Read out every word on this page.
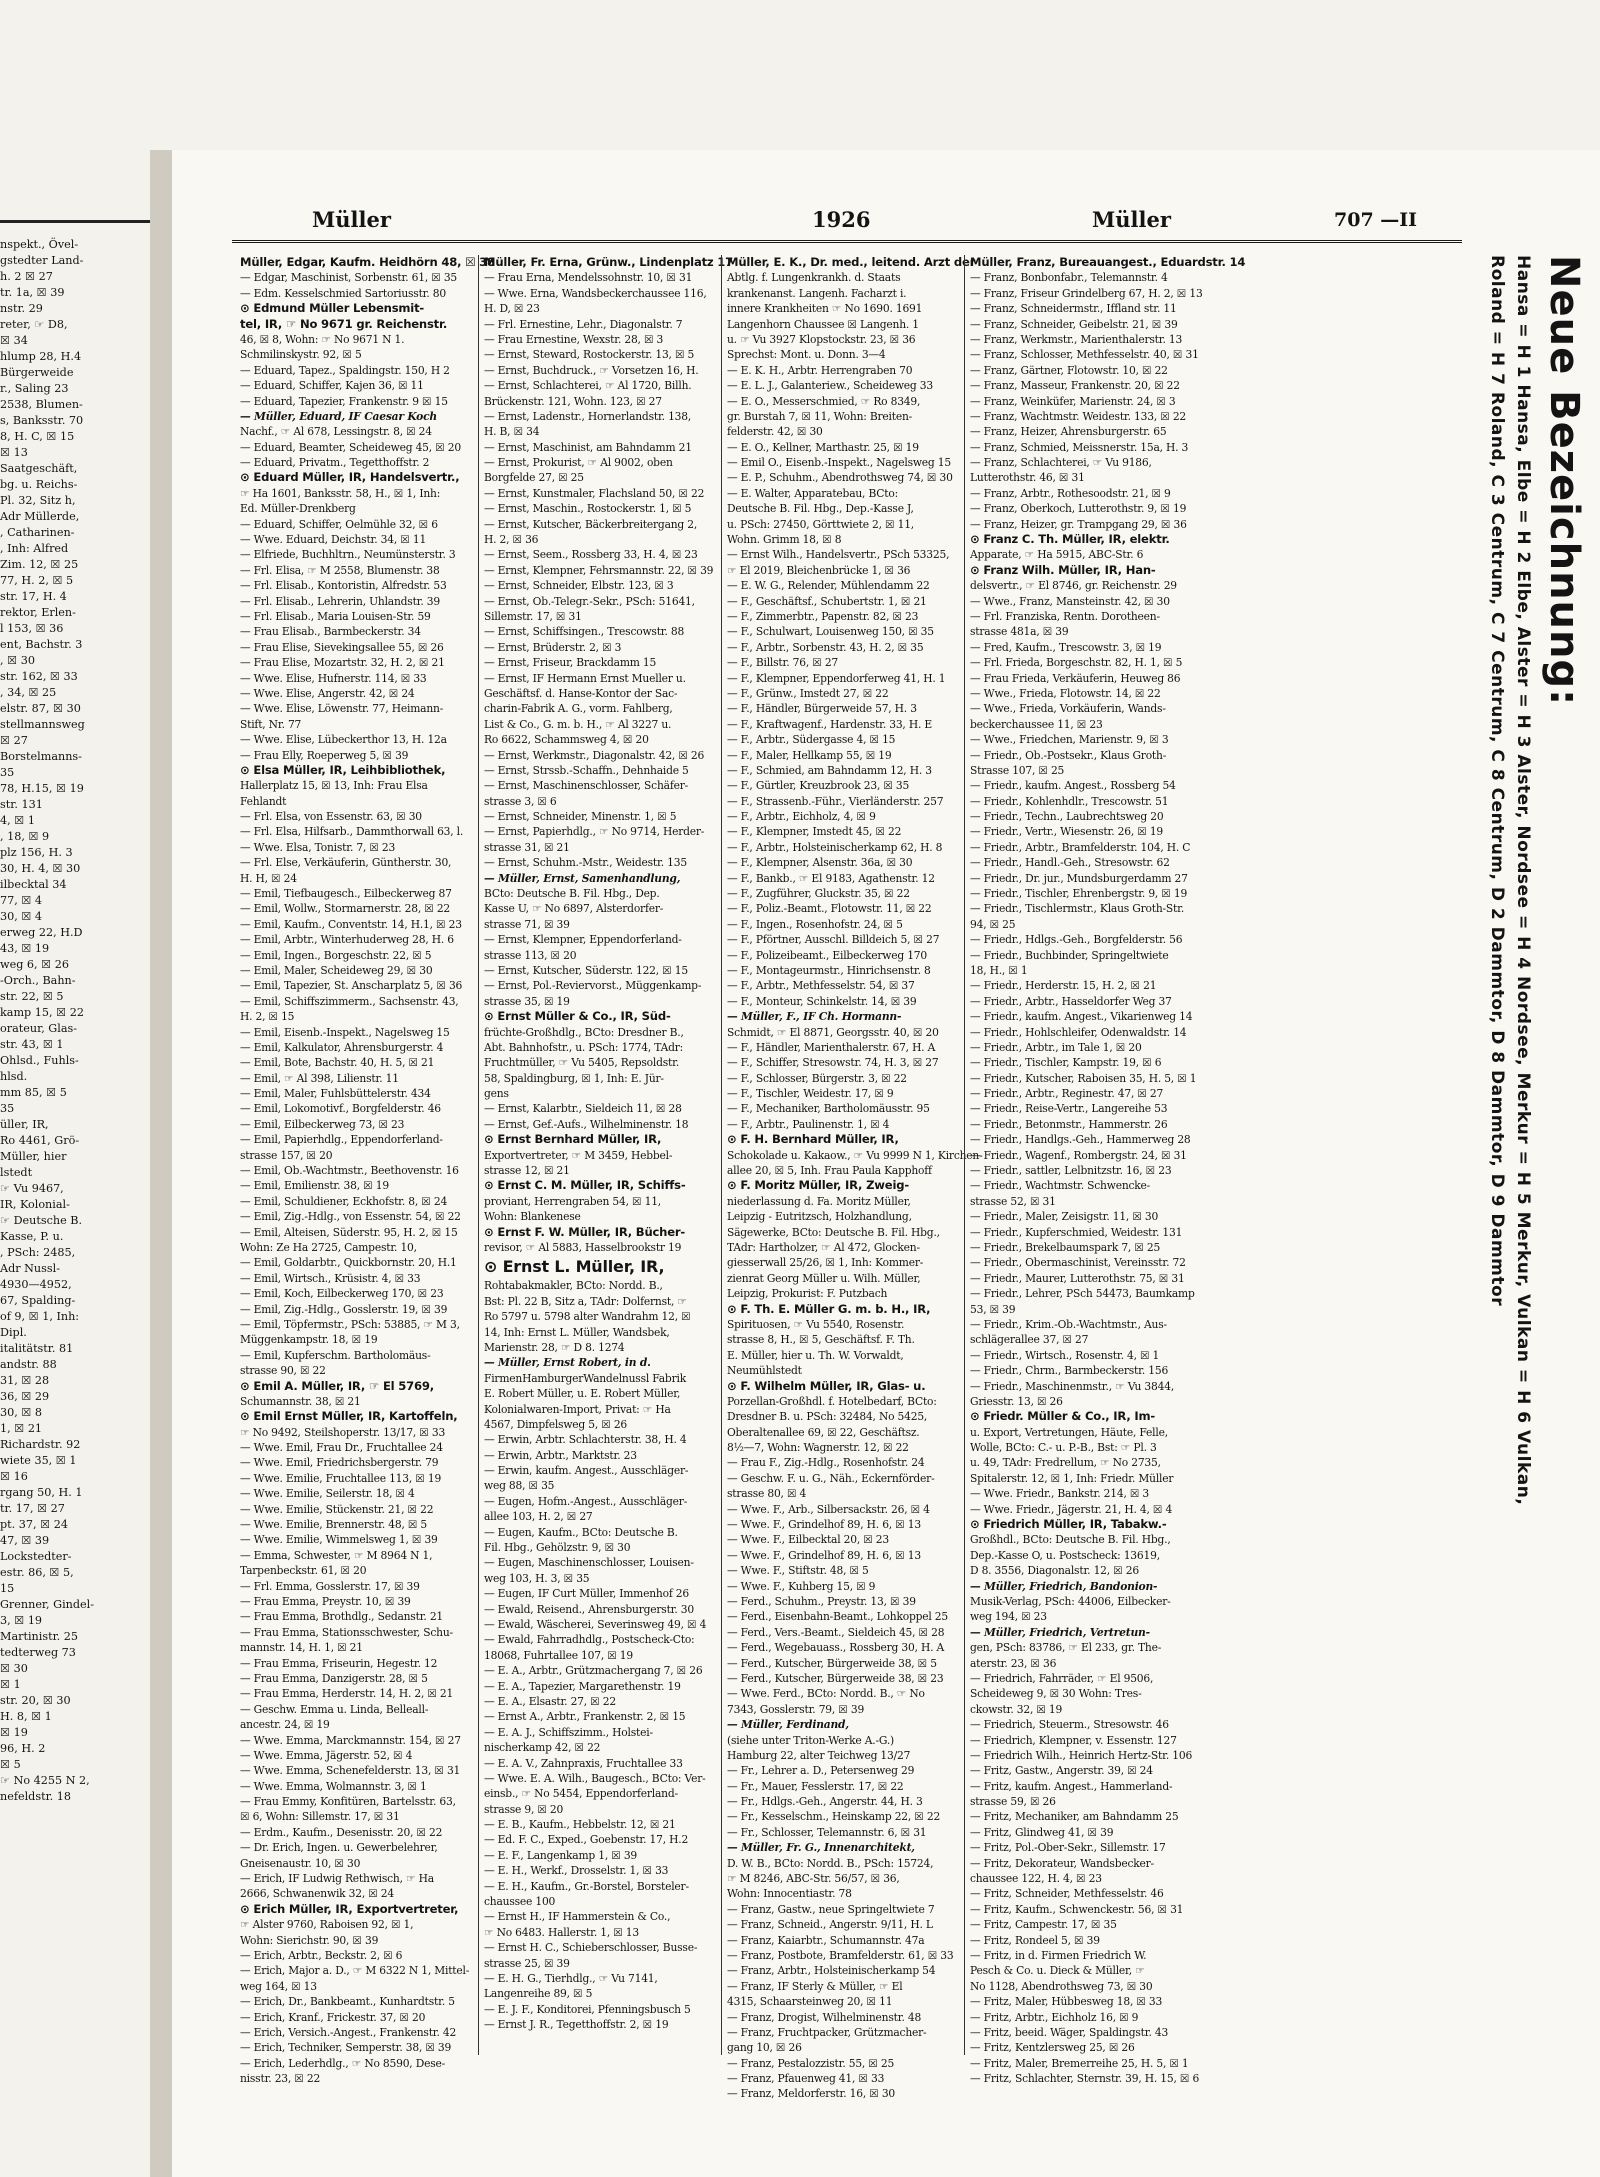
nspekt., Övel-
gstedter Land-
h. 2 ☒ 27
tr. 1a, ☒ 39
nstr. 29
reter, ☞ D8,
☒ 34
hlump 28, H.4
Bürgerweide
r., Saling 23
2538, Blumen-
s, Banksstr. 70
8, H. C, ☒ 15
☒ 13
Saatgeschäft,
bg. u. Reichs-
Pl. 32, Sitz h,
Adr Müllerde,
, Catharinen-
, Inh: Alfred
Zim. 12, ☒ 25
77, H. 2, ☒ 5
str. 17, H. 4
rektor, Erlen-
l 153, ☒ 36
ent, Bachstr. 3
, ☒ 30
str. 162, ☒ 33
, 34, ☒ 25
elstr. 87, ☒ 30
stellmannsweg
☒ 27
Borstelmanns-
35
78, H.15, ☒ 19
str. 131
4, ☒ 1
, 18, ☒ 9
plz 156, H. 3
30, H. 4, ☒ 30
ilbecktal 34
77, ☒ 4
30, ☒ 4
erweg 22, H.D
43, ☒ 19
weg 6, ☒ 26
-Orch., Bahn-
str. 22, ☒ 5
kamp 15, ☒ 22
orateur, Glas-
str. 43, ☒ 1
Ohlsd., Fuhls-
hlsd.
mm 85, ☒ 5
35
üller, IR,
Ro 4461, Grö-
Müller, hier
lstedt
☞ Vu 9467,
IR, Kolonial-
☞ Deutsche B.
Kasse, P. u.
, PSch: 2485,
Adr Nussl-
4930—4952,
67, Spalding-
of 9, ☒ 1, Inh:
Dipl.
italitätstr. 81
andstr. 88
31, ☒ 28
36, ☒ 29
30, ☒ 8
1, ☒ 21
Richardstr. 92
wiete 35, ☒ 1
☒ 16
rgang 50, H. 1
tr. 17, ☒ 27
pt. 37, ☒ 24
47, ☒ 39
Lockstedter-
estr. 86, ☒ 5,
15
Grenner, Gindel-
3, ☒ 19
Martinistr. 25
tedterweg 73
☒ 30
☒ 1
str. 20, ☒ 30
H. 8, ☒ 1
☒ 19
96, H. 2
☒ 5
☞ No 4255 N 2,
nefeldstr. 18
Müller	1926	Müller	707 —II
Müller, Edgar, Kaufm. Heidhörn 48, ☒ 38
— Edgar, Maschinist, Sorbenstr. 61, ☒ 35
— Edm. Kesselschmied Sartoriusstr. 80
⊙ Edmund Müller Lebensmit-
tel, IR, ☞ No 9671 gr. Reichenstr.
46, ☒ 8, Wohn: ☞ No 9671 N 1.
Schmilinskystr. 92, ☒ 5
— Eduard, Tapez., Spaldingstr. 150, H 2
— Eduard, Schiffer, Kajen 36, ☒ 11
— Eduard, Tapezier, Frankenstr. 9 ☒ 15
— Müller, Eduard, IF Caesar Koch
Nachf., ☞ Al 678, Lessingstr. 8, ☒ 24
— Eduard, Beamter, Scheideweg 45, ☒ 20
— Eduard, Privatm., Tegetthoffstr. 2
⊙ Eduard Müller, IR, Handelsvertr.,
☞ Ha 1601, Banksstr. 58, H., ☒ 1, Inh:
Ed. Müller-Drenkberg
— Eduard, Schiffer, Oelmühle 32, ☒ 6
— Wwe. Eduard, Deichstr. 34, ☒ 11
— Elfriede, Buchhltrn., Neumünsterstr. 3
— Frl. Elisa, ☞ M 2558, Blumenstr. 38
— Frl. Elisab., Kontoristin, Alfredstr. 53
— Frl. Elisab., Lehrerin, Uhlandstr. 39
— Frl. Elisab., Maria Louisen-Str. 59
— Frau Elisab., Barmbeckerstr. 34
— Frau Elise, Sievekingsallee 55, ☒ 26
— Frau Elise, Mozartstr. 32, H. 2, ☒ 21
— Wwe. Elise, Hufnerstr. 114, ☒ 33
— Wwe. Elise, Angerstr. 42, ☒ 24
— Wwe. Elise, Löwenstr. 77, Heimann-
Stift, Nr. 77
— Wwe. Elise, Lübeckerthor 13, H. 12a
— Frau Elly, Roeperweg 5, ☒ 39
⊙ Elsa Müller, IR, Leihbibliothek,
Hallerplatz 15, ☒ 13, Inh: Frau Elsa
Fehlandt
— Frl. Elsa, von Essenstr. 63, ☒ 30
— Frl. Elsa, Hilfsarb., Dammthorwall 63, l.
— Wwe. Elsa, Tonistr. 7, ☒ 23
— Frl. Else, Verkäuferin, Güntherstr. 30,
H. H, ☒ 24
— Emil, Tiefbaugesch., Eilbeckerweg 87
— Emil, Wollw., Stormarnerstr. 28, ☒ 22
— Emil, Kaufm., Conventstr. 14, H.1, ☒ 23
— Emil, Arbtr., Winterhuderweg 28, H. 6
— Emil, Ingen., Borgeschstr. 22, ☒ 5
— Emil, Maler, Scheideweg 29, ☒ 30
— Emil, Tapezier, St. Anscharplatz 5, ☒ 36
— Emil, Schiffszimmerm., Sachsenstr. 43,
H. 2, ☒ 15
— Emil, Eisenb.-Inspekt., Nagelsweg 15
— Emil, Kalkulator, Ahrensburgerstr. 4
— Emil, Bote, Bachstr. 40, H. 5, ☒ 21
— Emil, ☞ Al 398, Lilienstr. 11
— Emil, Maler, Fuhlsbüttelerstr. 434
— Emil, Lokomotivf., Borgfelderstr. 46
— Emil, Eilbeckerweg 73, ☒ 23
— Emil, Papierhdlg., Eppendorferland-
strasse 157, ☒ 20
— Emil, Ob.-Wachtmstr., Beethovenstr. 16
— Emil, Emilienstr. 38, ☒ 19
— Emil, Schuldiener, Eckhofstr. 8, ☒ 24
— Emil, Zig.-Hdlg., von Essenstr. 54, ☒ 22
— Emil, Alteisen, Süderstr. 95, H. 2, ☒ 15
Wohn: Ze Ha 2725, Campestr. 10,
— Emil, Goldarbtr., Quickbornstr. 20, H.1
— Emil, Wirtsch., Krüsistr. 4, ☒ 33
— Emil, Koch, Eilbeckerweg 170, ☒ 23
— Emil, Zig.-Hdlg., Gosslerstr. 19, ☒ 39
— Emil, Töpfermstr., PSch: 53885, ☞ M 3,
Müggenkampstr. 18, ☒ 19
— Emil, Kupferschm. Bartholomäus-
strasse 90, ☒ 22
⊙ Emil A. Müller, IR, ☞ El 5769,
Schumannstr. 38, ☒ 21
⊙ Emil Ernst Müller, IR, Kartoffeln,
☞ No 9492, Steilshoperstr. 13/17, ☒ 33
— Wwe. Emil, Frau Dr., Fruchtallee 24
— Wwe. Emil, Friedrichsbergerstr. 79
— Wwe. Emilie, Fruchtallee 113, ☒ 19
— Wwe. Emilie, Seilerstr. 18, ☒ 4
— Wwe. Emilie, Stückenstr. 21, ☒ 22
— Wwe. Emilie, Brennerstr. 48, ☒ 5
— Wwe. Emilie, Wimmelsweg 1, ☒ 39
— Emma, Schwester, ☞ M 8964 N 1,
Tarpenbeckstr. 61, ☒ 20
— Frl. Emma, Gosslerstr. 17, ☒ 39
— Frau Emma, Preystr. 10, ☒ 39
— Frau Emma, Brothdlg., Sedanstr. 21
— Frau Emma, Stationsschwester, Schu-
mannstr. 14, H. 1, ☒ 21
— Frau Emma, Friseurin, Hegestr. 12
— Frau Emma, Danzigerstr. 28, ☒ 5
— Frau Emma, Herderstr. 14, H. 2, ☒ 21
— Geschw. Emma u. Linda, Belleall-
ancestr. 24, ☒ 19
— Wwe. Emma, Marckmannstr. 154, ☒ 27
— Wwe. Emma, Jägerstr. 52, ☒ 4
— Wwe. Emma, Schenefelderstr. 13, ☒ 31
— Wwe. Emma, Wolmannstr. 3, ☒ 1
— Frau Emmy, Konfitüren, Bartelsstr. 63,
☒ 6, Wohn: Sillemstr. 17, ☒ 31
— Erdm., Kaufm., Desenisstr. 20, ☒ 22
— Dr. Erich, Ingen. u. Gewerbelehrer,
Gneisenaustr. 10, ☒ 30
— Erich, IF Ludwig Rethwisch, ☞ Ha
2666, Schwanenwik 32, ☒ 24
⊙ Erich Müller, IR, Exportvertreter,
☞ Alster 9760, Raboisen 92, ☒ 1,
Wohn: Sierichstr. 90, ☒ 39
— Erich, Arbtr., Beckstr. 2, ☒ 6
— Erich, Major a. D., ☞ M 6322 N 1, Mittel-
weg 164, ☒ 13
— Erich, Dr., Bankbeamt., Kunhardtstr. 5
— Erich, Kranf., Frickestr. 37, ☒ 20
— Erich, Versich.-Angest., Frankenstr. 42
— Erich, Techniker, Semperstr. 38, ☒ 39
— Erich, Lederhdlg., ☞ No 8590, Dese-
nisstr. 23, ☒ 22
Müller, Fr. Erna, Grünw., Lindenplatz 17
— Frau Erna, Mendelssohnstr. 10, ☒ 31
— Wwe. Erna, Wandsbeckerchaussee 116,
H. D, ☒ 23
— Frl. Ernestine, Lehr., Diagonalstr. 7
— Frau Ernestine, Wexstr. 28, ☒ 3
— Ernst, Steward, Rostockerstr. 13, ☒ 5
— Ernst, Buchdruck., ☞ Vorsetzen 16, H.
— Ernst, Schlachterei, ☞ Al 1720, Billh.
Brückenstr. 121, Wohn. 123, ☒ 27
— Ernst, Ladenstr., Hornerlandstr. 138,
H. B, ☒ 34
— Ernst, Maschinist, am Bahndamm 21
— Ernst, Prokurist, ☞ Al 9002, oben
Borgfelde 27, ☒ 25
— Ernst, Kunstmaler, Flachsland 50, ☒ 22
— Ernst, Maschin., Rostockerstr. 1, ☒ 5
— Ernst, Kutscher, Bäckerbreitergang 2,
H. 2, ☒ 36
— Ernst, Seem., Rossberg 33, H. 4, ☒ 23
— Ernst, Klempner, Fehrsmannstr. 22, ☒ 39
— Ernst, Schneider, Elbstr. 123, ☒ 3
— Ernst, Ob.-Telegr.-Sekr., PSch: 51641,
Sillemstr. 17, ☒ 31
— Ernst, Schiffsingen., Trescowstr. 88
— Ernst, Brüderstr. 2, ☒ 3
— Ernst, Friseur, Brackdamm 15
— Ernst, IF Hermann Ernst Mueller u.
Geschäftsf. d. Hanse-Kontor der Sac-
charin-Fabrik A. G., vorm. Fahlberg,
List & Co., G. m. b. H., ☞ Al 3227 u.
Ro 6622, Schammsweg 4, ☒ 20
— Ernst, Werkmstr., Diagonalstr. 42, ☒ 26
— Ernst, Strssb.-Schaffn., Dehnhaide 5
— Ernst, Maschinenschlosser, Schäfer-
strasse 3, ☒ 6
— Ernst, Schneider, Minenstr. 1, ☒ 5
— Ernst, Papierhdlg., ☞ No 9714, Herder-
strasse 31, ☒ 21
— Ernst, Schuhm.-Mstr., Weidestr. 135
— Müller, Ernst, Samenhandlung,
BCto: Deutsche B. Fil. Hbg., Dep.
Kasse U, ☞ No 6897, Alsterdorfer-
strasse 71, ☒ 39
— Ernst, Klempner, Eppendorferland-
strasse 113, ☒ 20
— Ernst, Kutscher, Süderstr. 122, ☒ 15
— Ernst, Pol.-Reviervorst., Müggenkamp-
strasse 35, ☒ 19
⊙ Ernst Müller & Co., IR, Süd-
früchte-Großhdlg., BCto: Dresdner B.,
Abt. Bahnhofstr., u. PSch: 1774, TAdr:
Fruchtmüller, ☞ Vu 5405, Repsoldstr.
58, Spaldingburg, ☒ 1, Inh: E. Jür-
gens
— Ernst, Kalarbtr., Sieldeich 11, ☒ 28
— Ernst, Gef.-Aufs., Wilhelminenstr. 18
⊙ Ernst Bernhard Müller, IR,
Exportvertreter, ☞ M 3459, Hebbel-
strasse 12, ☒ 21
⊙ Ernst C. M. Müller, IR, Schiffs-
proviant, Herrengraben 54, ☒ 11,
Wohn: Blankenese
⊙ Ernst F. W. Müller, IR, Bücher-
revisor, ☞ Al 5883, Hasselbrookstr 19
⊙ Ernst L. Müller, IR,
Rohtabakmakler, BCto: Nordd. B.,
Bst: Pl. 22 B, Sitz a, TAdr: Dolfernst, ☞
Ro 5797 u. 5798 alter Wandrahm 12, ☒
14, Inh: Ernst L. Müller, Wandsbek,
Marienstr. 28, ☞ D 8. 1274
— Müller, Ernst Robert, in d.
FirmenHamburgerWandelnussl Fabrik
E. Robert Müller, u. E. Robert Müller,
Kolonialwaren-Import, Privat: ☞ Ha
4567, Dimpfelsweg 5, ☒ 26
— Erwin, Arbtr. Schlachterstr. 38, H. 4
— Erwin, Arbtr., Marktstr. 23
— Erwin, kaufm. Angest., Ausschläger-
weg 88, ☒ 35
— Eugen, Hofm.-Angest., Ausschläger-
allee 103, H. 2, ☒ 27
— Eugen, Kaufm., BCto: Deutsche B.
Fil. Hbg., Gehölzstr. 9, ☒ 30
— Eugen, Maschinenschlosser, Louisen-
weg 103, H. 3, ☒ 35
— Eugen, IF Curt Müller, Immenhof 26
— Ewald, Reisend., Ahrensburgerstr. 30
— Ewald, Wäscherei, Severinsweg 49, ☒ 4
— Ewald, Fahrradhdlg., Postscheck-Cto:
18068, Fuhrtallee 107, ☒ 19
— E. A., Arbtr., Grützmachergang 7, ☒ 26
— E. A., Tapezier, Margarethenstr. 19
— E. A., Elsastr. 27, ☒ 22
— Ernst A., Arbtr., Frankenstr. 2, ☒ 15
— E. A. J., Schiffszimm., Holstei-
nischerkamp 42, ☒ 22
— E. A. V., Zahnpraxis, Fruchtallee 33
— Wwe. E. A. Wilh., Baugesch., BCto: Ver-
einsb., ☞ No 5454, Eppendorferland-
strasse 9, ☒ 20
— E. B., Kaufm., Hebbelstr. 12, ☒ 21
— Ed. F. C., Exped., Goebenstr. 17, H.2
— E. F., Langenkamp 1, ☒ 39
— E. H., Werkf., Drosselstr. 1, ☒ 33
— E. H., Kaufm., Gr.-Borstel, Borsteler-
chaussee 100
— Ernst H., IF Hammerstein & Co.,
☞ No 6483. Hallerstr. 1, ☒ 13
— Ernst H. C., Schieberschlosser, Busse-
strasse 25, ☒ 39
— E. H. G., Tierhdlg., ☞ Vu 7141,
Langenreihe 89, ☒ 5
— E. J. F., Konditorei, Pfenningsbusch 5
— Ernst J. R., Tegetthoffstr. 2, ☒ 19
Müller, E. K., Dr. med., leitend. Arzt der
Abtlg. f. Lungenkrankh. d. Staats
krankenanst. Langenh. Facharzt i.
innere Krankheiten ☞ No 1690. 1691
Langenhorn Chaussee ☒ Langenh. 1
u. ☞ Vu 3927 Klopstockstr. 23, ☒ 36
Sprechst: Mont. u. Donn. 3—4
— E. K. H., Arbtr. Herrengraben 70
— E. L. J., Galanteriew., Scheideweg 33
— E. O., Messerschmied, ☞ Ro 8349,
gr. Burstah 7, ☒ 11, Wohn: Breiten-
felderstr. 42, ☒ 30
— E. O., Kellner, Marthastr. 25, ☒ 19
— Emil O., Eisenb.-Inspekt., Nagelsweg 15
— E. P., Schuhm., Abendrothsweg 74, ☒ 30
— E. Walter, Apparatebau, BCto:
Deutsche B. Fil. Hbg., Dep.-Kasse J,
u. PSch: 27450, Görttwiete 2, ☒ 11,
Wohn. Grimm 18, ☒ 8
— Ernst Wilh., Handelsvertr., PSch 53325,
☞ El 2019, Bleichenbrücke 1, ☒ 36
— E. W. G., Relender, Mühlendamm 22
— F., Geschäftsf., Schubertstr. 1, ☒ 21
— F., Zimmerbtr., Papenstr. 82, ☒ 23
— F., Schulwart, Louisenweg 150, ☒ 35
— F., Arbtr., Sorbenstr. 43, H. 2, ☒ 35
— F., Billstr. 76, ☒ 27
— F., Klempner, Eppendorferweg 41, H. 1
— F., Grünw., Imstedt 27, ☒ 22
— F., Händler, Bürgerweide 57, H. 3
— F., Kraftwagenf., Hardenstr. 33, H. E
— F., Arbtr., Südergasse 4, ☒ 15
— F., Maler, Hellkamp 55, ☒ 19
— F., Schmied, am Bahndamm 12, H. 3
— F., Gürtler, Kreuzbrook 23, ☒ 35
— F., Strassenb.-Führ., Vierländerstr. 257
— F., Arbtr., Eichholz, 4, ☒ 9
— F., Klempner, Imstedt 45, ☒ 22
— F., Arbtr., Holsteinischerkamp 62, H. 8
— F., Klempner, Alsenstr. 36a, ☒ 30
— F., Bankb., ☞ El 9183, Agathenstr. 12
— F., Zugführer, Gluckstr. 35, ☒ 22
— F., Poliz.-Beamt., Flotowstr. 11, ☒ 22
— F., Ingen., Rosenhofstr. 24, ☒ 5
— F., Pförtner, Ausschl. Billdeich 5, ☒ 27
— F., Polizeibeamt., Eilbeckerweg 170
— F., Montageurmstr., Hinrichsenstr. 8
— F., Arbtr., Methfesselstr. 54, ☒ 37
— F., Monteur, Schinkelstr. 14, ☒ 39
— Müller, F., IF Ch. Hormann-
Schmidt, ☞ El 8871, Georgsstr. 40, ☒ 20
— F., Händler, Marienthalerstr. 67, H. A
— F., Schiffer, Stresowstr. 74, H. 3, ☒ 27
— F., Schlosser, Bürgerstr. 3, ☒ 22
— F., Tischler, Weidestr. 17, ☒ 9
— F., Mechaniker, Bartholomäusstr. 95
— F., Arbtr., Paulinenstr. 1, ☒ 4
⊙ F. H. Bernhard Müller, IR,
Schokolade u. Kakaow., ☞ Vu 9999 N 1, Kirchen-
allee 20, ☒ 5, Inh. Frau Paula Kapphoff
⊙ F. Moritz Müller, IR, Zweig-
niederlassung d. Fa. Moritz Müller,
Leipzig - Eutritzsch, Holzhandlung,
Sägewerke, BCto: Deutsche B. Fil. Hbg.,
TAdr: Hartholzer, ☞ Al 472, Glocken-
giesserwall 25/26, ☒ 1, Inh: Kommer-
zienrat Georg Müller u. Wilh. Müller,
Leipzig, Prokurist: F. Putzbach
⊙ F. Th. E. Müller G. m. b. H., IR,
Spirituosen, ☞ Vu 5540, Rosenstr.
strasse 8, H., ☒ 5, Geschäftsf. F. Th.
E. Müller, hier u. Th. W. Vorwaldt,
Neumühlstedt
⊙ F. Wilhelm Müller, IR, Glas- u.
Porzellan-Großhdl. f. Hotelbedarf, BCto:
Dresdner B. u. PSch: 32484, No 5425,
Oberaltenallee 69, ☒ 22, Geschäftsz.
8½—7, Wohn: Wagnerstr. 12, ☒ 22
— Frau F., Zig.-Hdlg., Rosenhofstr. 24
— Geschw. F. u. G., Näh., Eckernförder-
strasse 80, ☒ 4
— Wwe. F., Arb., Silbersackstr. 26, ☒ 4
— Wwe. F., Grindelhof 89, H. 6, ☒ 13
— Wwe. F., Eilbecktal 20, ☒ 23
— Wwe. F., Grindelhof 89, H. 6, ☒ 13
— Wwe. F., Stiftstr. 48, ☒ 5
— Wwe. F., Kuhberg 15, ☒ 9
— Ferd., Schuhm., Preystr. 13, ☒ 39
— Ferd., Eisenbahn-Beamt., Lohkoppel 25
— Ferd., Vers.-Beamt., Sieldeich 45, ☒ 28
— Ferd., Wegebauass., Rossberg 30, H. A
— Ferd., Kutscher, Bürgerweide 38, ☒ 5
— Ferd., Kutscher, Bürgerweide 38, ☒ 23
— Wwe. Ferd., BCto: Nordd. B., ☞ No
7343, Gosslerstr. 79, ☒ 39
— Müller, Ferdinand,
(siehe unter Triton-Werke A.-G.)
Hamburg 22, alter Teichweg 13/27
— Fr., Lehrer a. D., Petersenweg 29
— Fr., Mauer, Fesslerstr. 17, ☒ 22
— Fr., Hdlgs.-Geh., Angerstr. 44, H. 3
— Fr., Kesselschm., Heinskamp 22, ☒ 22
— Fr., Schlosser, Telemannstr. 6, ☒ 31
— Müller, Fr. G., Innenarchitekt,
D. W. B., BCto: Nordd. B., PSch: 15724,
☞ M 8246, ABC-Str. 56/57, ☒ 36,
Wohn: Innocentiastr. 78
— Franz, Gastw., neue Springeltwiete 7
— Franz, Schneid., Angerstr. 9/11, H. L
— Franz, Kaiarbtr., Schumannstr. 47a
— Franz, Postbote, Bramfelderstr. 61, ☒ 33
— Franz, Arbtr., Holsteinischerkamp 54
— Franz, IF Sterly & Müller, ☞ El
4315, Schaarsteinweg 20, ☒ 11
— Franz, Drogist, Wilhelminenstr. 48
— Franz, Fruchtpacker, Grützmacher-
gang 10, ☒ 26
— Franz, Pestalozzistr. 55, ☒ 25
— Franz, Pfauenweg 41, ☒ 33
— Franz, Meldorferstr. 16, ☒ 30
Müller, Franz, Bureauangest., Eduardstr. 14
— Franz, Bonbonfabr., Telemannstr. 4
— Franz, Friseur Grindelberg 67, H. 2, ☒ 13
— Franz, Schneidermstr., Iffland str. 11
— Franz, Schneider, Geibelstr. 21, ☒ 39
— Franz, Werkmstr., Marienthalerstr. 13
— Franz, Schlosser, Methfesselstr. 40, ☒ 31
— Franz, Gärtner, Flotowstr. 10, ☒ 22
— Franz, Masseur, Frankenstr. 20, ☒ 22
— Franz, Weinküfer, Marienstr. 24, ☒ 3
— Franz, Wachtmstr. Weidestr. 133, ☒ 22
— Franz, Heizer, Ahrensburgerstr. 65
— Franz, Schmied, Meissnerstr. 15a, H. 3
— Franz, Schlachterei, ☞ Vu 9186,
Lutterothstr. 46, ☒ 31
— Franz, Arbtr., Rothesoodstr. 21, ☒ 9
— Franz, Oberkoch, Lutterothstr. 9, ☒ 19
— Franz, Heizer, gr. Trampgang 29, ☒ 36
⊙ Franz C. Th. Müller, IR, elektr.
Apparate, ☞ Ha 5915, ABC-Str. 6
⊙ Franz Wilh. Müller, IR, Han-
delsvertr., ☞ El 8746, gr. Reichenstr. 29
— Wwe., Franz, Mansteinstr. 42, ☒ 30
— Frl. Franziska, Rentn. Dorotheen-
strasse 481a, ☒ 39
— Fred, Kaufm., Trescowstr. 3, ☒ 19
— Frl. Frieda, Borgeschstr. 82, H. 1, ☒ 5
— Frau Frieda, Verkäuferin, Heuweg 86
— Wwe., Frieda, Flotowstr. 14, ☒ 22
— Wwe., Frieda, Vorkäuferin, Wands-
beckerchaussee 11, ☒ 23
— Wwe., Friedchen, Marienstr. 9, ☒ 3
— Friedr., Ob.-Postsekr., Klaus Groth-
Strasse 107, ☒ 25
— Friedr., kaufm. Angest., Rossberg 54
— Friedr., Kohlenhdlr., Trescowstr. 51
— Friedr., Techn., Laubrechtsweg 20
— Friedr., Vertr., Wiesenstr. 26, ☒ 19
— Friedr., Arbtr., Bramfelderstr. 104, H. C
— Friedr., Handl.-Geh., Stresowstr. 62
— Friedr., Dr. jur., Mundsburgerdamm 27
— Friedr., Tischler, Ehrenbergstr. 9, ☒ 19
— Friedr., Tischlermstr., Klaus Groth-Str.
94, ☒ 25
— Friedr., Hdlgs.-Geh., Borgfelderstr. 56
— Friedr., Buchbinder, Springeltwiete
18, H., ☒ 1
— Friedr., Herderstr. 15, H. 2, ☒ 21
— Friedr., Arbtr., Hasseldorfer Weg 37
— Friedr., kaufm. Angest., Vikarienweg 14
— Friedr., Hohlschleifer, Odenwaldstr. 14
— Friedr., Arbtr., im Tale 1, ☒ 20
— Friedr., Tischler, Kampstr. 19, ☒ 6
— Friedr., Kutscher, Raboisen 35, H. 5, ☒ 1
— Friedr., Arbtr., Reginestr. 47, ☒ 27
— Friedr., Reise-Vertr., Langereihe 53
— Friedr., Betonmstr., Hammerstr. 26
— Friedr., Handlgs.-Geh., Hammerweg 28
— Friedr., Wagenf., Rombergstr. 24, ☒ 31
— Friedr., sattler, Lelbnitzstr. 16, ☒ 23
— Friedr., Wachtmstr. Schwencke-
strasse 52, ☒ 31
— Friedr., Maler, Zeisigstr. 11, ☒ 30
— Friedr., Kupferschmied, Weidestr. 131
— Friedr., Brekelbaumspark 7, ☒ 25
— Friedr., Obermaschinist, Vereinsstr. 72
— Friedr., Maurer, Lutterothstr. 75, ☒ 31
— Friedr., Lehrer, PSch 54473, Baumkamp
53, ☒ 39
— Friedr., Krim.-Ob.-Wachtmstr., Aus-
schlägerallee 37, ☒ 27
— Friedr., Wirtsch., Rosenstr. 4, ☒ 1
— Friedr., Chrm., Barmbeckerstr. 156
— Friedr., Maschinenmstr., ☞ Vu 3844,
Griesstr. 13, ☒ 26
⊙ Friedr. Müller & Co., IR, Im-
u. Export, Vertretungen, Häute, Felle,
Wolle, BCto: C.- u. P.-B., Bst: ☞ Pl. 3
u. 49, TAdr: Fredrellum, ☞ No 2735,
Spitalerstr. 12, ☒ 1, Inh: Friedr. Müller
— Wwe. Friedr., Bankstr. 214, ☒ 3
— Wwe. Friedr., Jägerstr. 21, H. 4, ☒ 4
⊙ Friedrich Müller, IR, Tabakw.-
Großhdl., BCto: Deutsche B. Fil. Hbg.,
Dep.-Kasse O, u. Postscheck: 13619,
D 8. 3556, Diagonalstr. 12, ☒ 26
— Müller, Friedrich, Bandonion-
Musik-Verlag, PSch: 44006, Eilbecker-
weg 194, ☒ 23
— Müller, Friedrich, Vertretun-
gen, PSch: 83786, ☞ El 233, gr. The-
aterstr. 23, ☒ 36
— Friedrich, Fahrräder, ☞ El 9506,
Scheideweg 9, ☒ 30 Wohn: Tres-
ckowstr. 32, ☒ 19
— Friedrich, Steuerm., Stresowstr. 46
— Friedrich, Klempner, v. Essenstr. 127
— Friedrich Wilh., Heinrich Hertz-Str. 106
— Fritz, Gastw., Angerstr. 39, ☒ 24
— Fritz, kaufm. Angest., Hammerland-
strasse 59, ☒ 26
— Fritz, Mechaniker, am Bahndamm 25
— Fritz, Glindweg 41, ☒ 39
— Fritz, Pol.-Ober-Sekr., Sillemstr. 17
— Fritz, Dekorateur, Wandsbecker-
chaussee 122, H. 4, ☒ 23
— Fritz, Schneider, Methfesselstr. 46
— Fritz, Kaufm., Schwenckestr. 56, ☒ 31
— Fritz, Campestr. 17, ☒ 35
— Fritz, Rondeel 5, ☒ 39
— Fritz, in d. Firmen Friedrich W.
Pesch & Co. u. Dieck & Müller, ☞
No 1128, Abendrothsweg 73, ☒ 30
— Fritz, Maler, Hübbesweg 18, ☒ 33
— Fritz, Arbtr., Eichholz 16, ☒ 9
— Fritz, beeid. Wäger, Spaldingstr. 43
— Fritz, Kentzlersweg 25, ☒ 26
— Fritz, Maler, Bremerreihe 25, H. 5, ☒ 1
— Fritz, Schlachter, Sternstr. 39, H. 15, ☒ 6
Neue Bezeichnung:
Hansa = H 1 Hansa, Elbe = H 2 Elbe, Alster = H 3 Alster, Nordsee = H 4 Nordsee, Merkur = H 5 Merkur, Vulkan = H 6 Vulkan,
Roland = H 7 Roland, C 3 Centrum, C 7 Centrum, C 8 Centrum, D 2 Dammtor, D 8 Dammtor, D 9 Dammtor
